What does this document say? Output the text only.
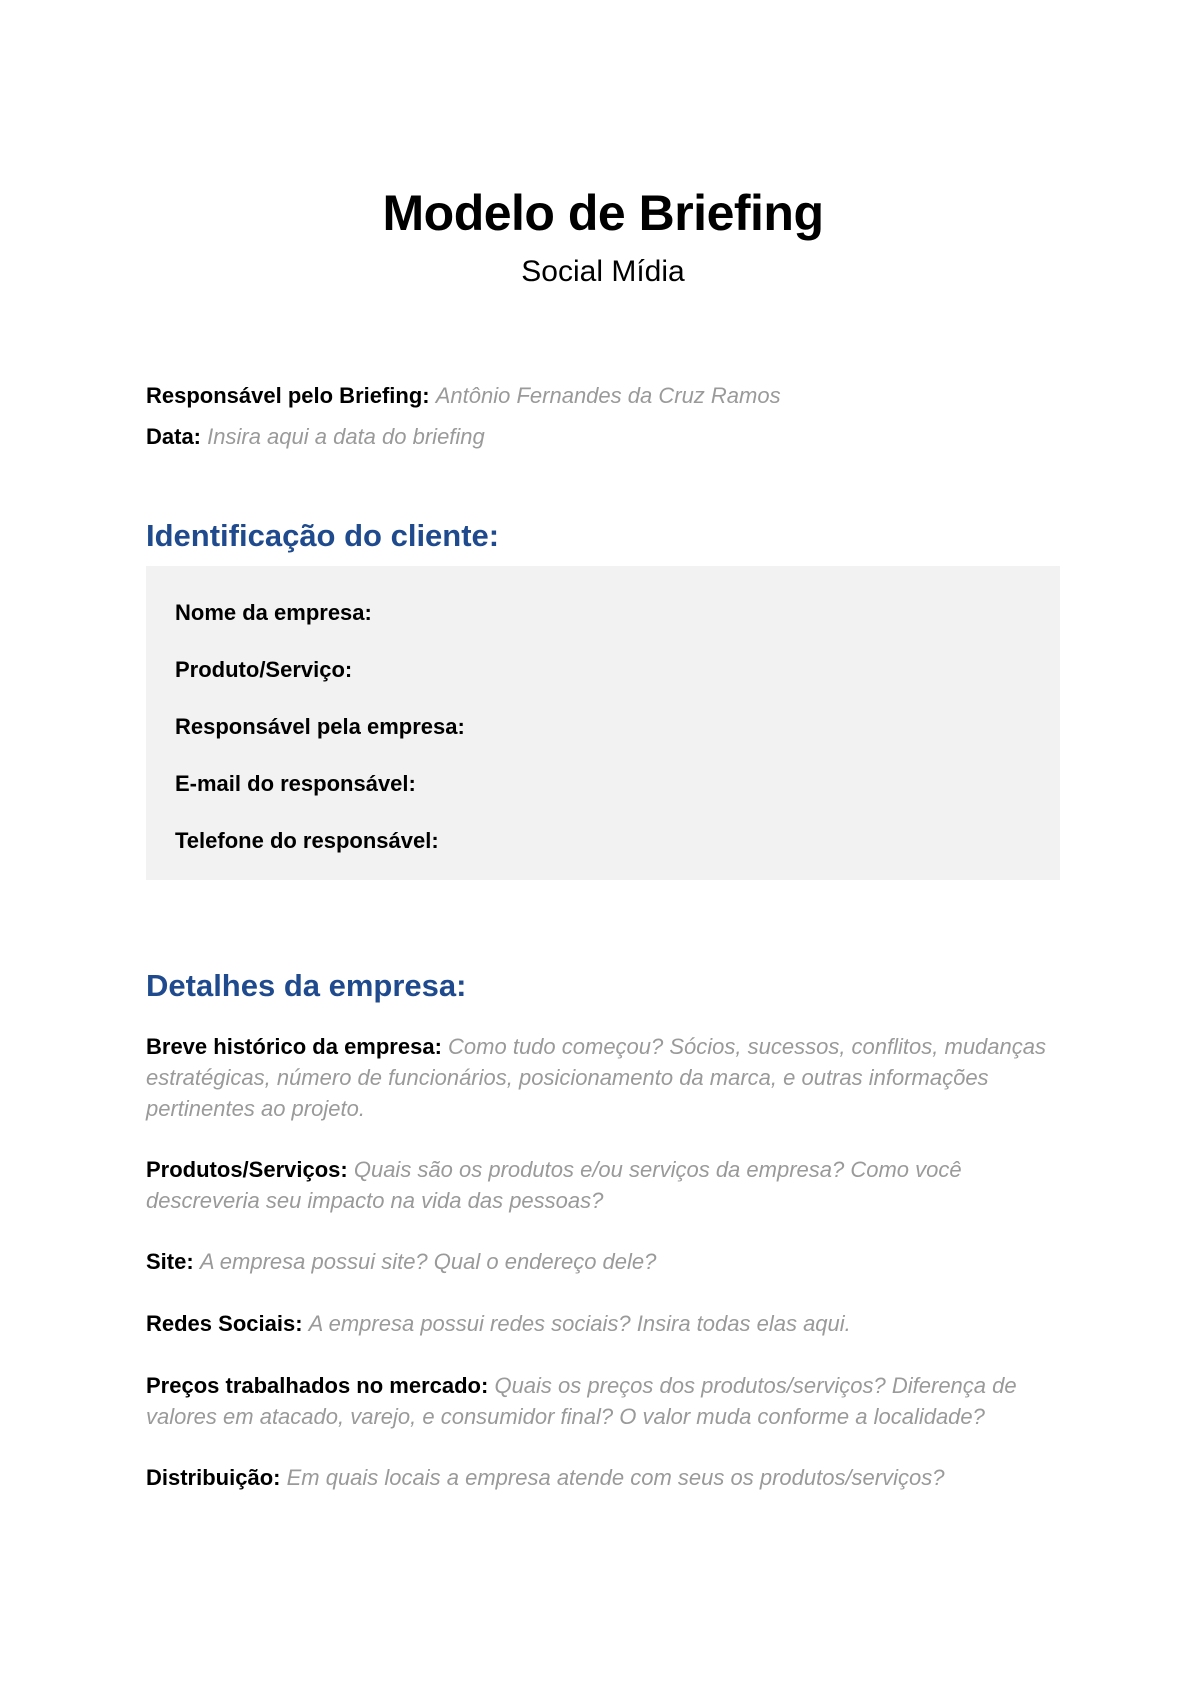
Modelo de Briefing

Social Mídia

Responsável pelo Briefing: Antônio Fernandes da Cruz Ramos
Data: Insira aqui a data do briefing
Identificação do cliente:
Nome da empresa:
Produto/Serviço:
Responsável pela empresa:
E-mail do responsável:
Telefone do responsável:
Detalhes da empresa:

Breve histórico da empresa: Como tudo começou? Sócios, sucessos, conflitos, mudanças estratégicas, número de funcionários, posicionamento da marca, e outras informações pertinentes ao projeto.

Produtos/Serviços: Quais são os produtos e/ou serviços da empresa? Como você descreveria seu impacto na vida das pessoas?

Site: A empresa possui site? Qual o endereço dele?

Redes Sociais: A empresa possui redes sociais? Insira todas elas aqui.

Preços trabalhados no mercado: Quais os preços dos produtos/serviços? Diferença de valores em atacado, varejo, e consumidor final? O valor muda conforme a localidade?

Distribuição: Em quais locais a empresa atende com seus os produtos/serviços?
